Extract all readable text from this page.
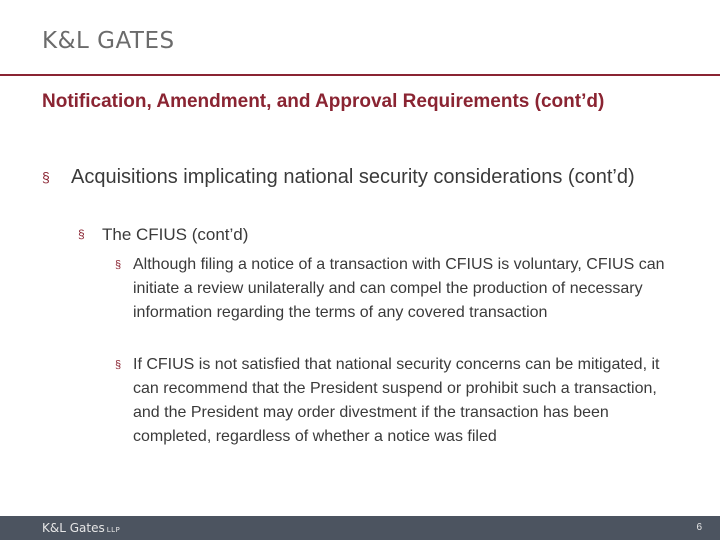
K&L GATES
Notification, Amendment, and Approval Requirements (cont’d)
§	Acquisitions implicating national security considerations (cont’d)
§	The CFIUS (cont’d)
§ Although filing a notice of a transaction with CFIUS is voluntary, CFIUS can initiate a review unilaterally and can compel the production of necessary information regarding the terms of any covered transaction
§ If CFIUS is not satisfied that national security concerns can be mitigated, it can recommend that the President suspend or prohibit such a transaction, and the President may order divestment if the transaction has been completed, regardless of whether a notice was filed
K&L Gates LLP	6
